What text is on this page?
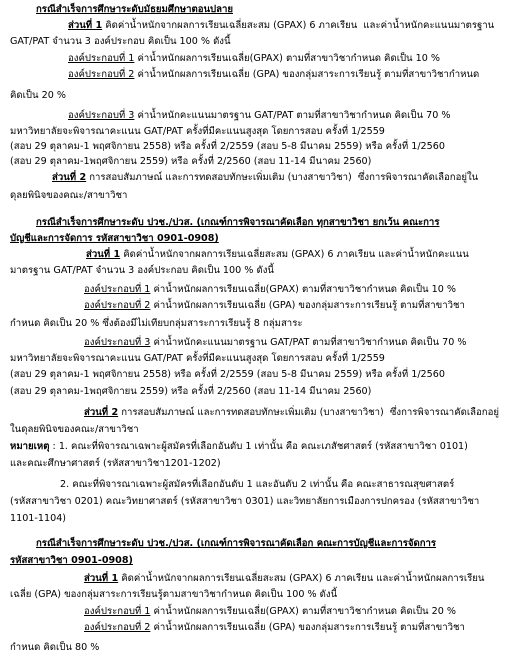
กรณีสำเร็จการศึกษาระดับมัธยมศึกษาตอนปลาย
ส่วนที่ 1 คิดค่าน้ำหนักจากผลการเรียนเฉลี่ยสะสม (GPAX) 6 ภาคเรียน  และค่าน้ำหนักคะแนนมาตรฐาน
GAT/PAT จำนวน 3 องค์ประกอบ คิดเป็น 100 % ดังนี้
องค์ประกอบที่ 1 ค่าน้ำหนักผลการเรียนเฉลี่ย(GPAX) ตามที่สาขาวิชากำหนด คิดเป็น 10 %
องค์ประกอบที่ 2 ค่าน้ำหนักผลการเรียนเฉลี่ย (GPA) ของกลุ่มสาระการเรียนรู้ ตามที่สาขาวิชากำหนด
คิดเป็น 20 %
องค์ประกอบที่ 3 ค่าน้ำหนักคะแนนมาตรฐาน GAT/PAT ตามที่สาขาวิชากำหนด คิดเป็น 70 %
มหาวิทยาลัยจะพิจารณาคะแนน GAT/PAT ครั้งที่มีคะแนนสูงสุด โดยการสอบ ครั้งที่ 1/2559
(สอบ 29 ตุลาคม-1 พฤศจิกายน 2558) หรือ ครั้งที่ 2/2559 (สอบ 5-8 มีนาคม 2559) หรือ ครั้งที่ 1/2560
(สอบ 29 ตุลาคม-1พฤศจิกายน 2559) หรือ ครั้งที่ 2/2560 (สอบ 11-14 มีนาคม 2560)
ส่วนที่ 2 การสอบสัมภาษณ์ และการทดสอบทักษะเพิ่มเติม (บางสาขาวิชา)  ซึ่งการพิจารณาคัดเลือกอยู่ใน
ดุลยพินิจของคณะ/สาขาวิชา
กรณีสำเร็จการศึกษาระดับ ปวช./ปวส. (เกณฑ์การพิจารณาคัดเลือก ทุกสาขาวิชา ยกเว้น คณะการ
บัญชีและการจัดการ รหัสสาขาวิชา 0901-0908)
ส่วนที่ 1 คิดค่าน้ำหนักจากผลการเรียนเฉลี่ยสะสม (GPAX) 6 ภาคเรียน และค่าน้ำหนักคะแนน
มาตรฐาน GAT/PAT จำนวน 3 องค์ประกอบ คิดเป็น 100 % ดังนี้
องค์ประกอบที่ 1 ค่าน้ำหนักผลการเรียนเฉลี่ย(GPAX) ตามที่สาขาวิชากำหนด คิดเป็น 10 %
องค์ประกอบที่ 2 ค่าน้ำหนักผลการเรียนเฉลี่ย (GPA) ของกลุ่มสาระการเรียนรู้ ตามที่สาขาวิชา
กำหนด คิดเป็น 20 % ซึ่งต้องมีไม่เทียบกลุ่มสาระการเรียนรู้ 8 กลุ่มสาระ
องค์ประกอบที่ 3 ค่าน้ำหนักคะแนนมาตรฐาน GAT/PAT ตามที่สาขาวิชากำหนด คิดเป็น 70 %
มหาวิทยาลัยจะพิจารณาคะแนน GAT/PAT ครั้งที่มีคะแนนสูงสุด โดยการสอบ ครั้งที่ 1/2559
(สอบ 29 ตุลาคม-1 พฤศจิกายน 2558) หรือ ครั้งที่ 2/2559 (สอบ 5-8 มีนาคม 2559) หรือ ครั้งที่ 1/2560
(สอบ 29 ตุลาคม-1พฤศจิกายน 2559) หรือ ครั้งที่ 2/2560 (สอบ 11-14 มีนาคม 2560)
ส่วนที่ 2 การสอบสัมภาษณ์ และการทดสอบทักษะเพิ่มเติม (บางสาขาวิชา)  ซึ่งการพิจารณาคัดเลือกอยู่
ในดุลยพินิจของคณะ/สาขาวิชา
หมายเหตุ : 1. คณะที่พิจารณาเฉพาะผู้สมัครที่เลือกอันดับ 1 เท่านั้น คือ คณะเภสัชศาสตร์ (รหัสสาขาวิชา 0101)
และคณะศึกษาศาสตร์ (รหัสสาขาวิชา1201-1202)
2. คณะที่พิจารณาเฉพาะผู้สมัครที่เลือกอันดับ 1 และอันดับ 2 เท่านั้น คือ คณะสาธารณสุขศาสตร์
(รหัสสาขาวิชา 0201) คณะวิทยาศาสตร์ (รหัสสาขาวิชา 0301) และวิทยาลัยการเมืองการปกครอง (รหัสสาขาวิชา
1101-1104)
กรณีสำเร็จการศึกษาระดับ ปวช./ปวส. (เกณฑ์การพิจารณาคัดเลือก คณะการบัญชีและการจัดการ
รหัสสาขาวิชา 0901-0908)
ส่วนที่ 1 คิดค่าน้ำหนักจากผลการเรียนเฉลี่ยสะสม (GPAX) 6 ภาคเรียน และค่าน้ำหนักผลการเรียน
เฉลี่ย (GPA) ของกลุ่มสาระการเรียนรู้ตามสาขาวิชากำหนด คิดเป็น 100 % ดังนี้
องค์ประกอบที่ 1 ค่าน้ำหนักผลการเรียนเฉลี่ย(GPAX) ตามที่สาขาวิชากำหนด คิดเป็น 20 %
องค์ประกอบที่ 2 ค่าน้ำหนักผลการเรียนเฉลี่ย (GPA) ของกลุ่มสาระการเรียนรู้ ตามที่สาขาวิชา
กำหนด คิดเป็น 80 %
